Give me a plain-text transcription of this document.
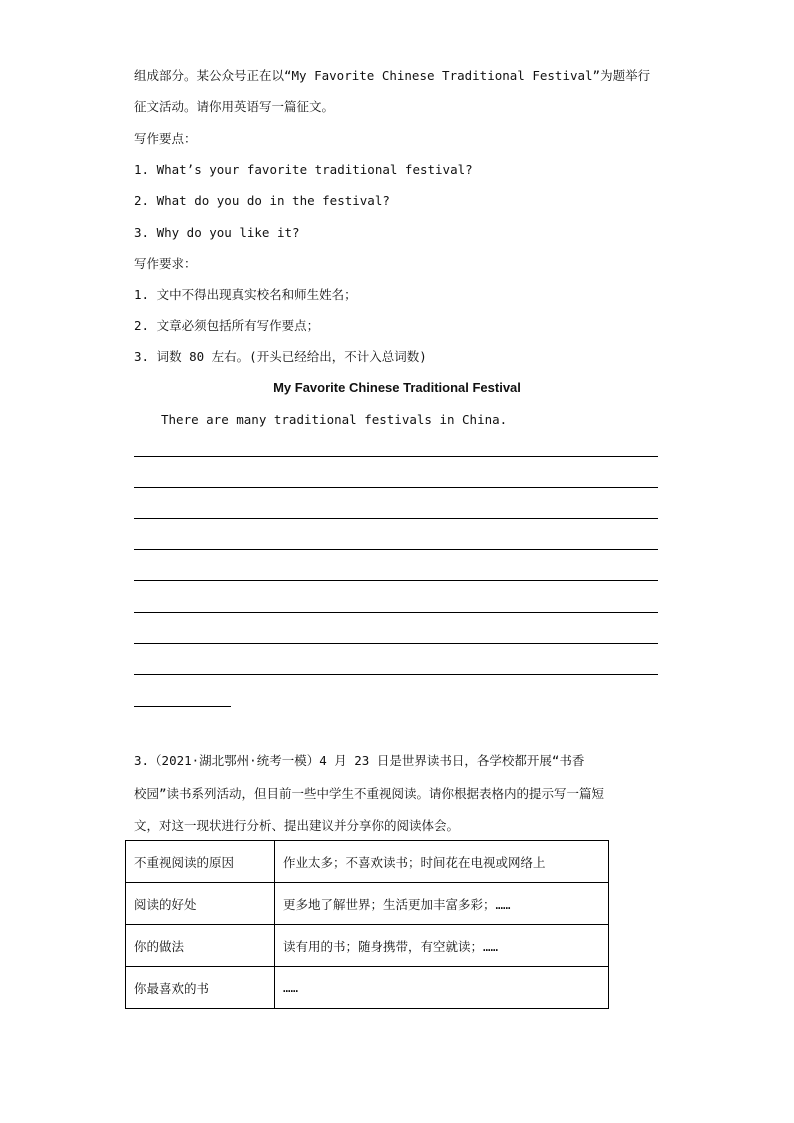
组成部分。某公众号正在以“My Favorite Chinese Traditional Festival”为题举行
征文活动。请你用英语写一篇征文。
写作要点：
1. What’s your favorite traditional festival?
2. What do you do in the festival?
3. Why do you like it?
写作要求：
1. 文中不得出现真实校名和师生姓名；
2. 文章必须包括所有写作要点；
3. 词数 80 左右。(开头已经给出，不计入总词数)
My Favorite Chinese Traditional Festival
There are many traditional festivals in China.
3.（2021·湖北鄂州·统考一模）4 月 23 日是世界读书日，各学校都开展“书香
校园”读书系列活动，但目前一些中学生不重视阅读。请你根据表格内的提示写一篇短
文，对这一现状进行分析、提出建议并分享你的阅读体会。
不重视阅读的原因	作业太多；不喜欢读书；时间花在电视或网络上
阅读的好处	更多地了解世界；生活更加丰富多彩；……
你的做法	读有用的书；随身携带，有空就读；……
你最喜欢的书	……
